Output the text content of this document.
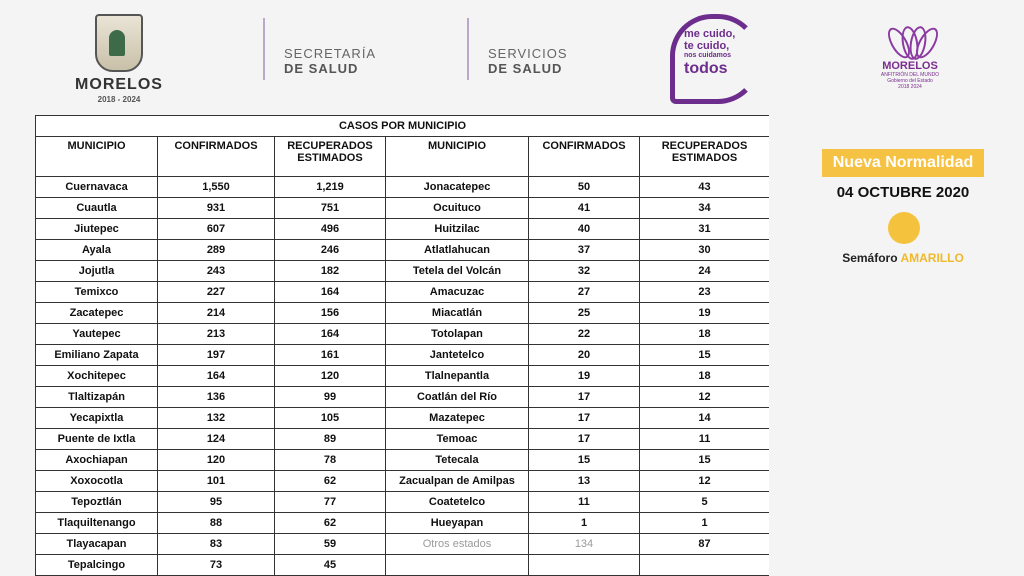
MORELOS
2018 - 2024
SECRETARÍA
DE SALUD
SERVICIOS
DE SALUD
me cuido,
te cuido,
nos cuidamos
todos	MORELOS
ANFITRIÓN DEL MUNDO
Gobierno del Estado
2018 2024
CASOS POR MUNICIPIO					
MUNICIPIO	CONFIRMADOS	RECUPERADOS ESTIMADOS	MUNICIPIO	CONFIRMADOS	RECUPERADOS ESTIMADOS
Cuernavaca	1,550	1,219	Jonacatepec	50	43
Cuautla	931	751	Ocuituco	41	34
Jiutepec	607	496	Huitzilac	40	31
Ayala	289	246	Atlatlahucan	37	30
Jojutla	243	182	Tetela del Volcán	32	24
Temixco	227	164	Amacuzac	27	23
Zacatepec	214	156	Miacatlán	25	19
Yautepec	213	164	Totolapan	22	18
Emiliano Zapata	197	161	Jantetelco	20	15
Xochitepec	164	120	Tlalnepantla	19	18
Tlaltizapán	136	99	Coatlán del Río	17	12
Yecapixtla	132	105	Mazatepec	17	14
Puente de Ixtla	124	89	Temoac	17	11
Axochiapan	120	78	Tetecala	15	15
Xoxocotla	101	62	Zacualpan de Amilpas	13	12
Tepoztlán	95	77	Coatetelco	11	5
Tlaquiltenango	88	62	Hueyapan	1	1
Tlayacapan	83	59	Otros estados	134	87
Tepalcingo	73	45			
Nueva Normalidad
04 OCTUBRE 2020
Semáforo AMARILLO
